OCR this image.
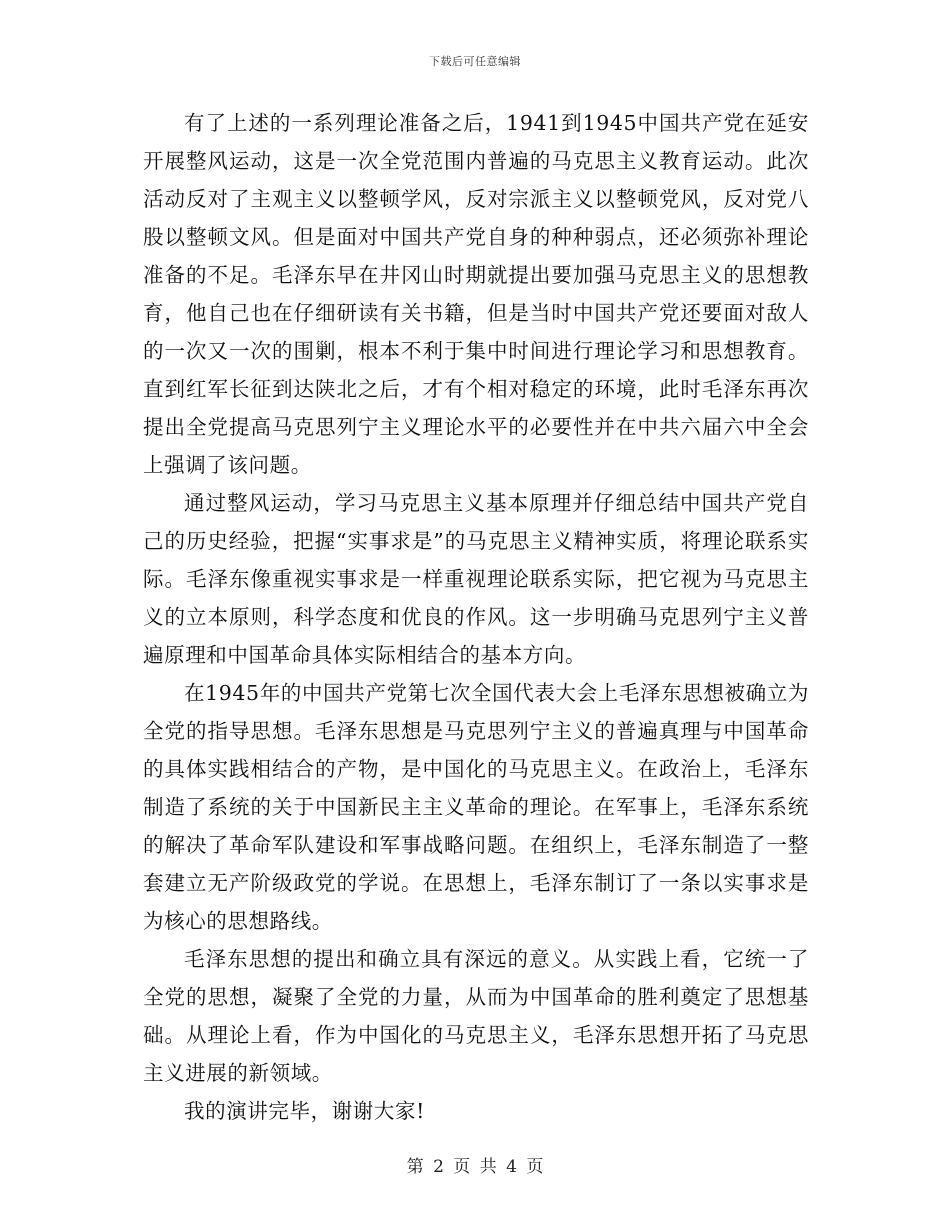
下载后可任意编辑

有了上述的一系列理论准备之后，1941到1945中国共产党在延安开展整风运动，这是一次全党范围内普遍的马克思主义教育运动。此次活动反对了主观主义以整顿学风，反对宗派主义以整顿党风，反对党八股以整顿文风。但是面对中国共产党自身的种种弱点，还必须弥补理论准备的不足。毛泽东早在井冈山时期就提出要加强马克思主义的思想教育，他自己也在仔细研读有关书籍，但是当时中国共产党还要面对敌人的一次又一次的围剿，根本不利于集中时间进行理论学习和思想教育。直到红军长征到达陕北之后，才有个相对稳定的环境，此时毛泽东再次提出全党提高马克思列宁主义理论水平的必要性并在中共六届六中全会上强调了该问题。

通过整风运动，学习马克思主义基本原理并仔细总结中国共产党自己的历史经验，把握“实事求是”的马克思主义精神实质，将理论联系实际。毛泽东像重视实事求是一样重视理论联系实际，把它视为马克思主义的立本原则，科学态度和优良的作风。这一步明确马克思列宁主义普遍原理和中国革命具体实际相结合的基本方向。

在1945年的中国共产党第七次全国代表大会上毛泽东思想被确立为全党的指导思想。毛泽东思想是马克思列宁主义的普遍真理与中国革命的具体实践相结合的产物，是中国化的马克思主义。在政治上，毛泽东制造了系统的关于中国新民主主义革命的理论。在军事上，毛泽东系统的解决了革命军队建设和军事战略问题。在组织上，毛泽东制造了一整套建立无产阶级政党的学说。在思想上，毛泽东制订了一条以实事求是为核心的思想路线。

毛泽东思想的提出和确立具有深远的意义。从实践上看，它统一了全党的思想，凝聚了全党的力量，从而为中国革命的胜利奠定了思想基础。从理论上看，作为中国化的马克思主义，毛泽东思想开拓了马克思主义进展的新领域。

我的演讲完毕，谢谢大家!

第 2 页 共 4 页
